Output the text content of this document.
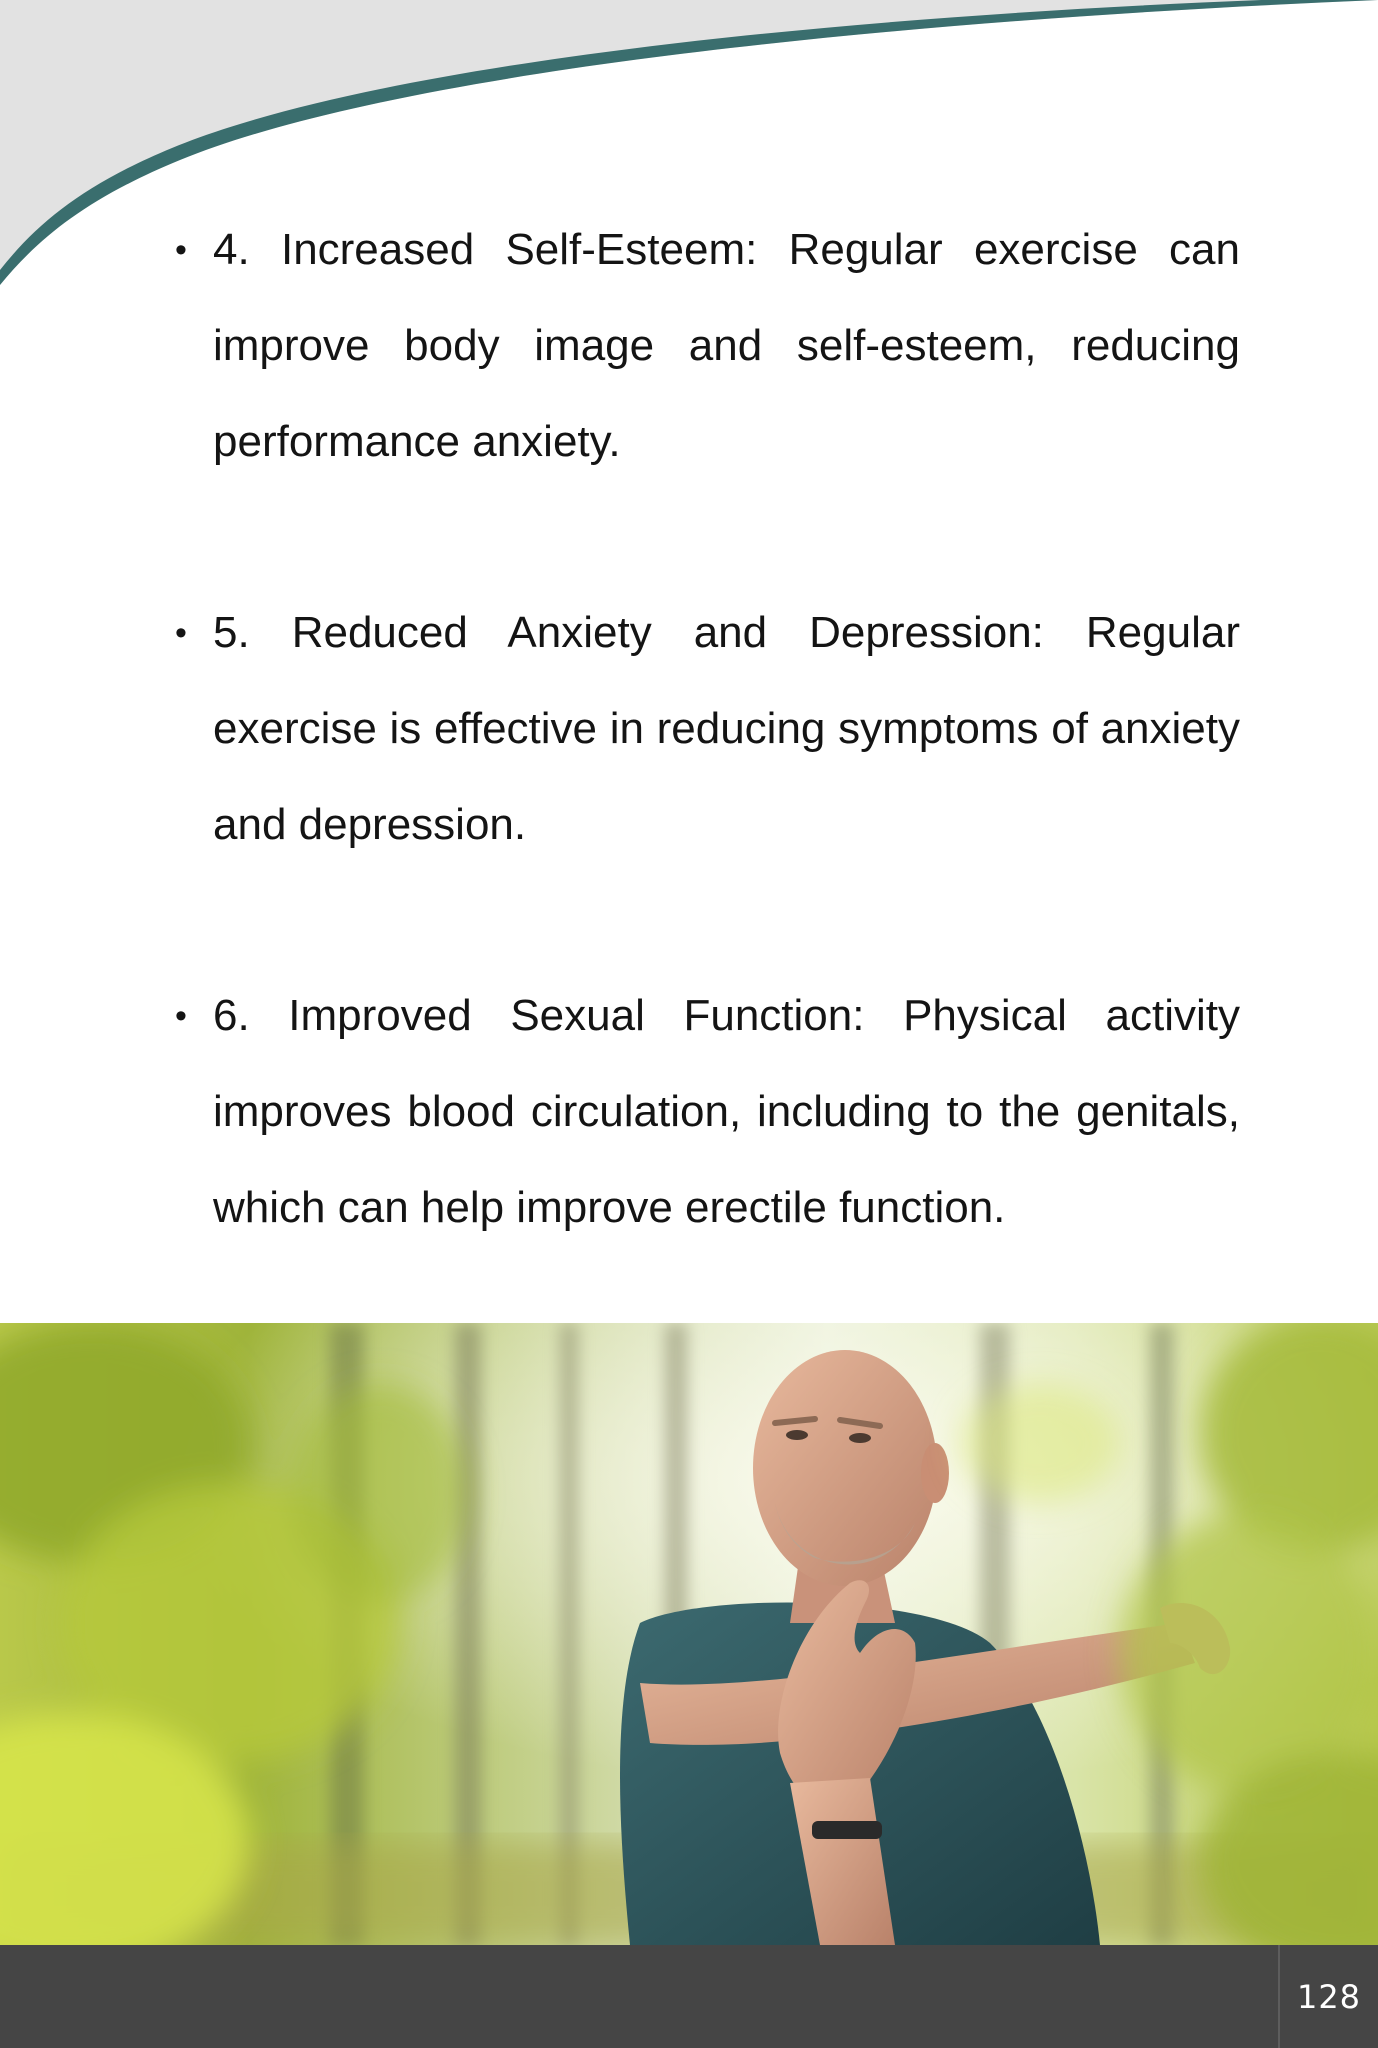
• 4. Increased Self-Esteem: Regular exercise can improve body image and self-esteem, reducing performance anxiety.
• 5. Reduced Anxiety and Depression: Regular exercise is effective in reducing symptoms of anxiety and depression.
• 6. Improved Sexual Function: Physical activity improves blood circulation, including to the genitals, which can help improve erectile function.
128
